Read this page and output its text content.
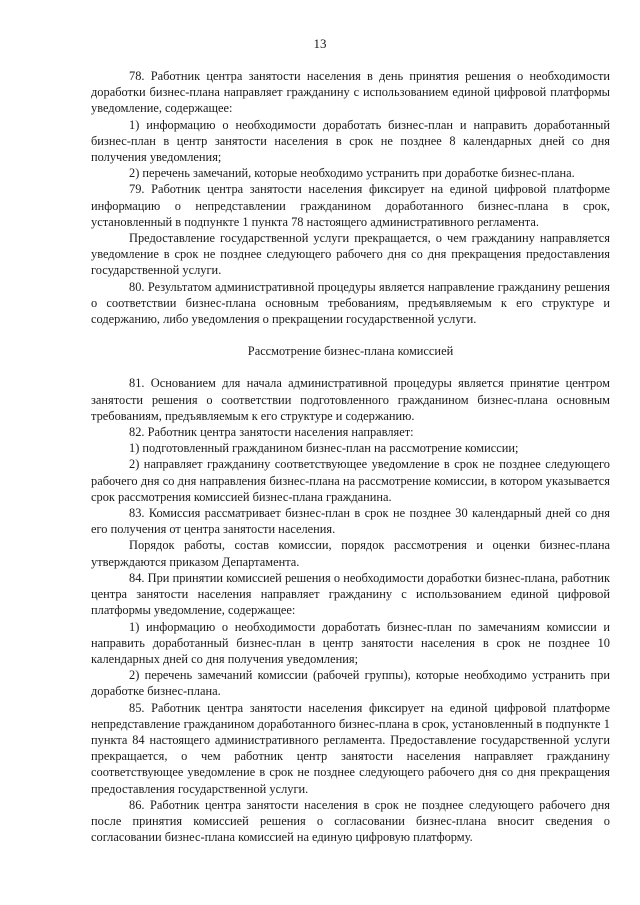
13

78. Работник центра занятости населения в день принятия решения о необходимости доработки бизнес-плана направляет гражданину с использованием единой цифровой платформы уведомление, содержащее:

1) информацию о необходимости доработать бизнес-план и направить доработанный бизнес-план в центр занятости населения в срок не позднее 8 календарных дней со дня получения уведомления;

2) перечень замечаний, которые необходимо устранить при доработке бизнес-плана.

79. Работник центра занятости населения фиксирует на единой цифровой платформе информацию о непредставлении гражданином доработанного бизнес-плана в срок, установленный в подпункте 1 пункта 78 настоящего административного регламента.

Предоставление государственной услуги прекращается, о чем гражданину направляется уведомление в срок не позднее следующего рабочего дня со дня прекращения предоставления государственной услуги.

80. Результатом административной процедуры является направление гражданину решения о соответствии бизнес-плана основным требованиям, предъявляемым к его структуре и содержанию, либо уведомления о прекращении государственной услуги.

Рассмотрение бизнес-плана комиссией

81. Основанием для начала административной процедуры является принятие центром занятости решения о соответствии подготовленного гражданином бизнес-плана основным требованиям, предъявляемым к его структуре и содержанию.

82. Работник центра занятости населения направляет:

1) подготовленный гражданином бизнес-план на рассмотрение комиссии;

2) направляет гражданину соответствующее уведомление в срок не позднее следующего рабочего дня со дня направления бизнес-плана на рассмотрение комиссии, в котором указывается срок рассмотрения комиссией бизнес-плана гражданина.

83. Комиссия рассматривает бизнес-план в срок не позднее 30 календарный дней со дня его получения от центра занятости населения.

Порядок работы, состав комиссии, порядок рассмотрения и оценки бизнес-плана утверждаются приказом Департамента.

84. При принятии комиссией решения о необходимости доработки бизнес-плана, работник центра занятости населения направляет гражданину с использованием единой цифровой платформы уведомление, содержащее:

1) информацию о необходимости доработать бизнес-план по замечаниям комиссии и направить доработанный бизнес-план в центр занятости населения в срок не позднее 10 календарных дней со дня получения уведомления;

2) перечень замечаний комиссии (рабочей группы), которые необходимо устранить при доработке бизнес-плана.

85. Работник центра занятости населения фиксирует на единой цифровой платформе непредставление гражданином доработанного бизнес-плана в срок, установленный в подпункте 1 пункта 84 настоящего административного регламента. Предоставление государственной услуги прекращается, о чем работник центр занятости населения направляет гражданину соответствующее уведомление в срок не позднее следующего рабочего дня со дня прекращения предоставления государственной услуги.

86. Работник центра занятости населения в срок не позднее следующего рабочего дня после принятия комиссией решения о согласовании бизнес-плана вносит сведения о согласовании бизнес-плана комиссией на единую цифровую платформу.
